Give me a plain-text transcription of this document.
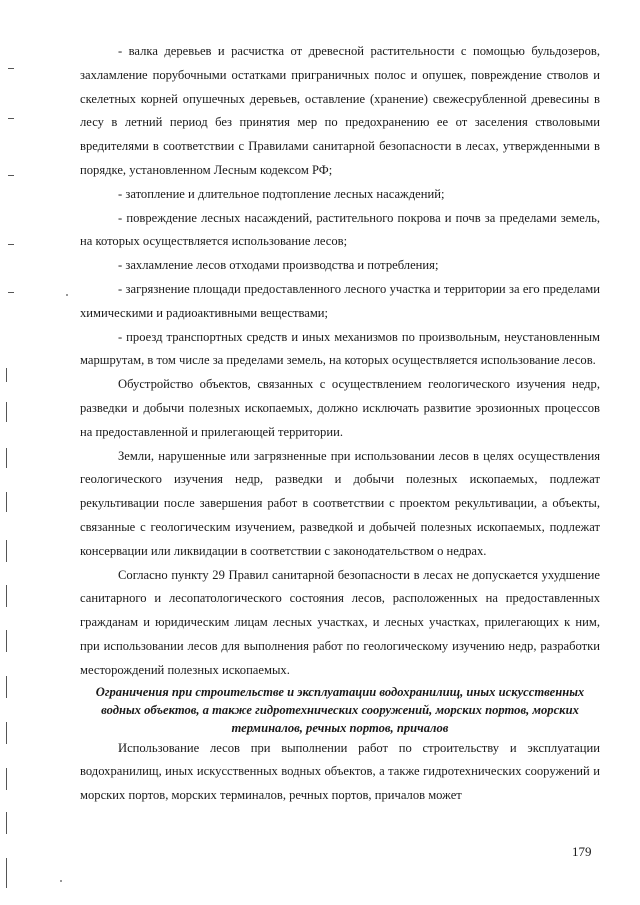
- валка деревьев и расчистка от древесной растительности с помощью бульдозеров, захламление порубочными остатками приграничных полос и опушек, повреждение стволов и скелетных корней опушечных деревьев, оставление (хранение) свежесрубленной древесины в лесу в летний период без принятия мер по предохранению ее от заселения стволовыми вредителями в соответствии с Правилами санитарной безопасности в лесах, утвержденными в порядке, установленном Лесным кодексом РФ;

- затопление и длительное подтопление лесных насаждений;

- повреждение лесных насаждений, растительного покрова и почв за пределами земель, на которых осуществляется использование лесов;

- захламление лесов отходами производства и потребления;

- загрязнение площади предоставленного лесного участка и территории за его пределами химическими и радиоактивными веществами;

- проезд транспортных средств и иных механизмов по произвольным, неустановленным маршрутам, в том числе за пределами земель, на которых осуществляется использование лесов.

Обустройство объектов, связанных с осуществлением геологического изучения недр, разведки и добычи полезных ископаемых, должно исключать развитие эрозионных процессов на предоставленной и прилегающей территории.

Земли, нарушенные или загрязненные при использовании лесов в целях осуществления геологического изучения недр, разведки и добычи полезных ископаемых, подлежат рекультивации после завершения работ в соответствии с проектом рекультивации, а объекты, связанные с геологическим изучением, разведкой и добычей полезных ископаемых, подлежат консервации или ликвидации в соответствии с законодательством о недрах.

Согласно пункту 29 Правил санитарной безопасности в лесах не допускается ухудшение санитарного и лесопатологического состояния лесов, расположенных на предоставленных гражданам и юридическим лицам лесных участках, и лесных участках, прилегающих к ним, при использовании лесов для выполнения работ по геологическому изучению недр, разработки месторождений полезных ископаемых.

Ограничения при строительстве и эксплуатации водохранилищ, иных искусственных водных объектов, а также гидротехнических сооружений, морских портов, морских терминалов, речных портов, причалов

Использование лесов при выполнении работ по строительству и эксплуатации водохранилищ, иных искусственных водных объектов, а также гидротехнических сооружений и морских портов, морских терминалов, речных портов, причалов может

179
